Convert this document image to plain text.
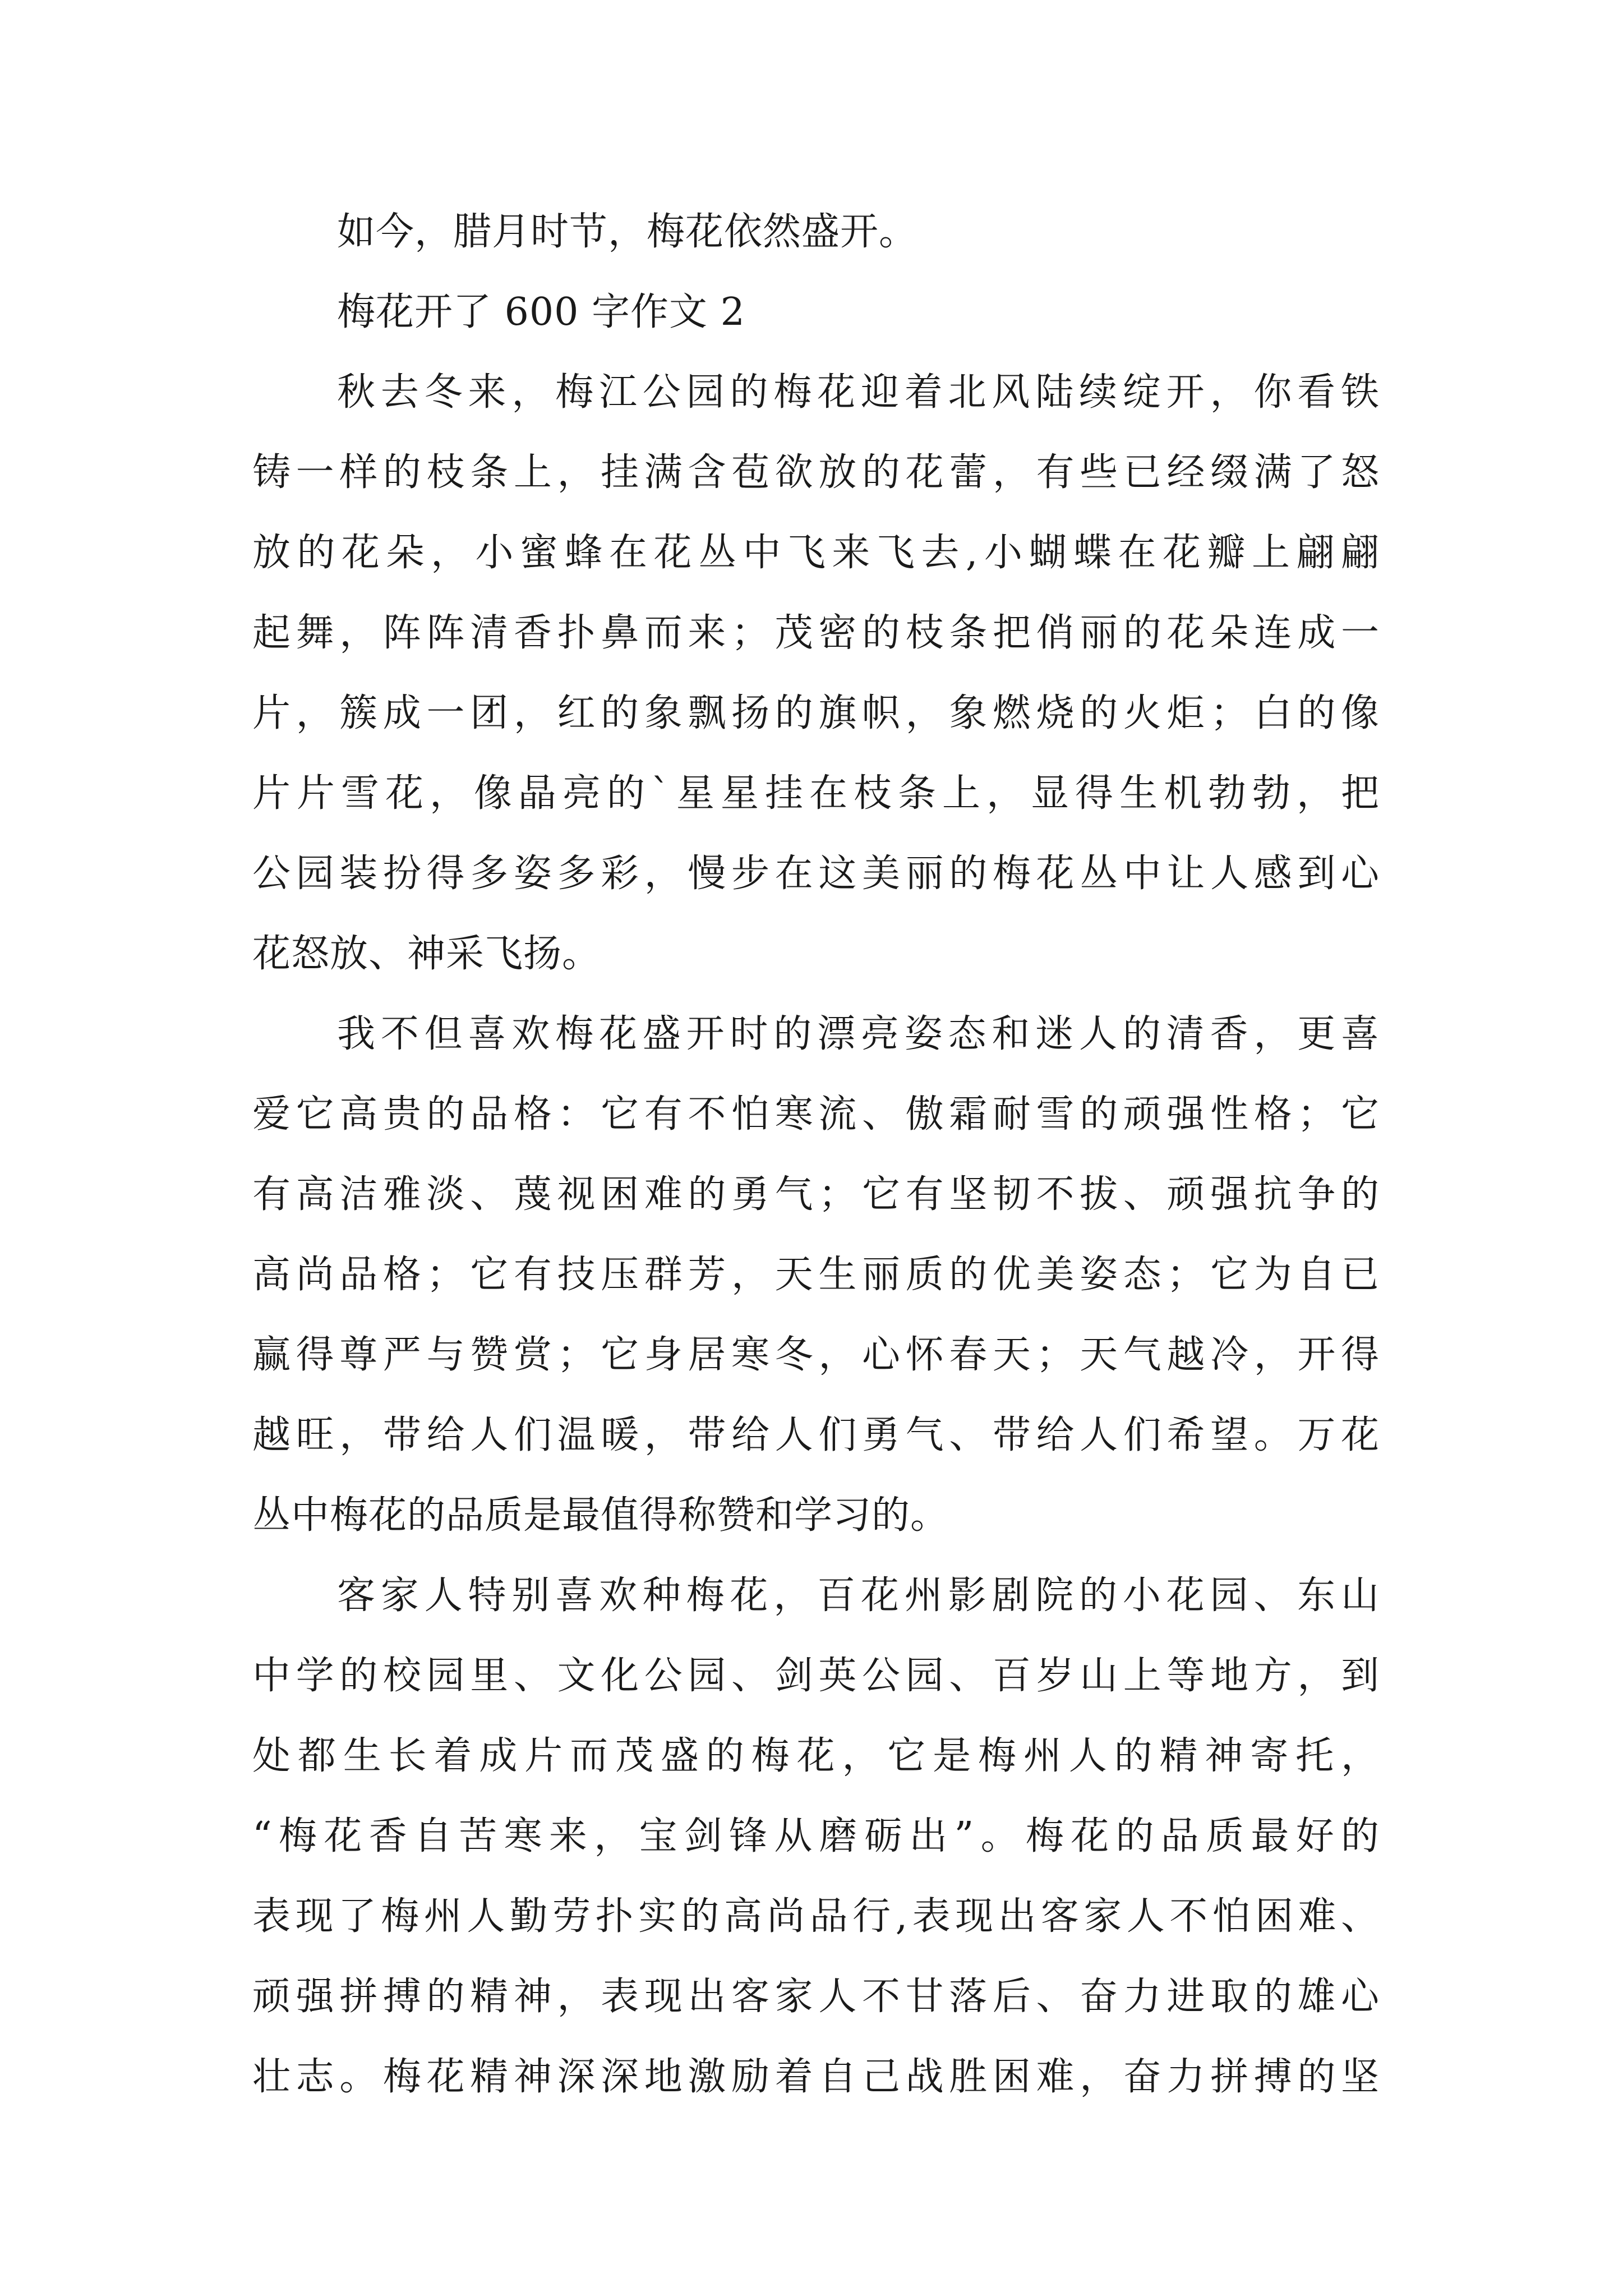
如今，腊月时节，梅花依然盛开。
梅花开了 600 字作文 2
秋去冬来，梅江公园的梅花迎着北风陆续绽开，你看铁
铸一样的枝条上，挂满含苞欲放的花蕾，有些已经缀满了怒
放的花朵，小蜜蜂在花丛中飞来飞去,小蝴蝶在花瓣上翩翩
起舞，阵阵清香扑鼻而来；茂密的枝条把俏丽的花朵连成一
片，簇成一团，红的象飘扬的旗帜，象燃烧的火炬；白的像
片片雪花，像晶亮的`星星挂在枝条上，显得生机勃勃，把
公园装扮得多姿多彩，慢步在这美丽的梅花丛中让人感到心
花怒放、神采飞扬。
我不但喜欢梅花盛开时的漂亮姿态和迷人的清香，更喜
爱它高贵的品格：它有不怕寒流、傲霜耐雪的顽强性格；它
有高洁雅淡、蔑视困难的勇气；它有坚韧不拔、顽强抗争的
高尚品格；它有技压群芳，天生丽质的优美姿态；它为自已
赢得尊严与赞赏；它身居寒冬，心怀春天；天气越冷，开得
越旺，带给人们温暖，带给人们勇气、带给人们希望。万花
丛中梅花的品质是最值得称赞和学习的。
客家人特别喜欢种梅花，百花州影剧院的小花园、东山
中学的校园里、文化公园、剑英公园、百岁山上等地方，到
处都生长着成片而茂盛的梅花，它是梅州人的精神寄托，
“梅花香自苦寒来，宝剑锋从磨砺出”。梅花的品质最好的
表现了梅州人勤劳扑实的高尚品行,表现出客家人不怕困难、
顽强拼搏的精神，表现出客家人不甘落后、奋力进取的雄心
壮志。梅花精神深深地激励着自己战胜困难，奋力拼搏的坚
